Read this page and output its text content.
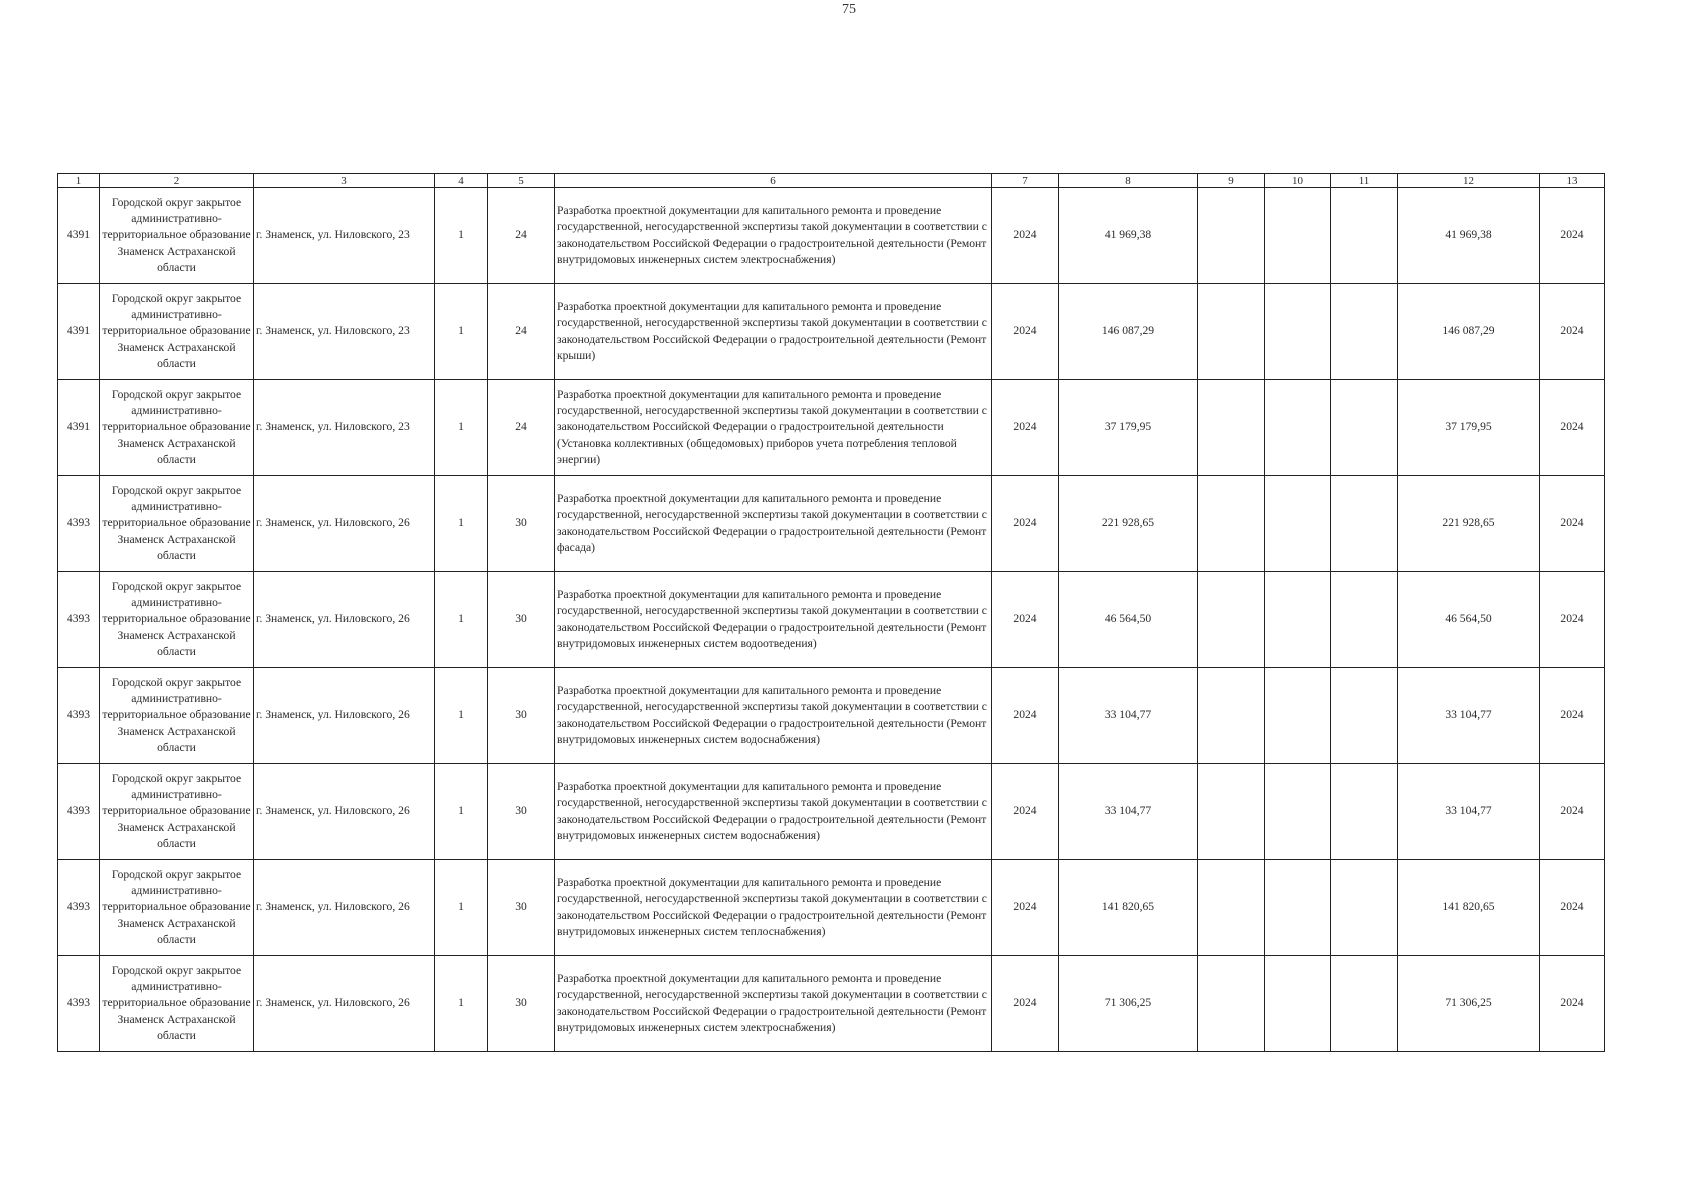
75
1	2	3	4	5	6	7	8	9	10	11	12	13
4391	Городской округ закрытое административно-территориальное образование Знаменск Астраханской области	г. Знаменск, ул. Ниловского, 23	1	24	Разработка проектной документации для капитального ремонта и проведение государственной, негосударственной экспертизы такой документации в соответствии с законодательством Российской Федерации о градостроительной деятельности (Ремонт внутридомовых инженерных систем электроснабжения)	2024	41 969,38				41 969,38	2024
4391	Городской округ закрытое административно-территориальное образование Знаменск Астраханской области	г. Знаменск, ул. Ниловского, 23	1	24	Разработка проектной документации для капитального ремонта и проведение государственной, негосударственной экспертизы такой документации в соответствии с законодательством Российской Федерации о градостроительной деятельности (Ремонт крыши)	2024	146 087,29				146 087,29	2024
4391	Городской округ закрытое административно-территориальное образование Знаменск Астраханской области	г. Знаменск, ул. Ниловского, 23	1	24	Разработка проектной документации для капитального ремонта и проведение государственной, негосударственной экспертизы такой документации в соответствии с законодательством Российской Федерации о градостроительной деятельности (Установка коллективных (общедомовых) приборов учета потребления тепловой энергии)	2024	37 179,95				37 179,95	2024
4393	Городской округ закрытое административно-территориальное образование Знаменск Астраханской области	г. Знаменск, ул. Ниловского, 26	1	30	Разработка проектной документации для капитального ремонта и проведение государственной, негосударственной экспертизы такой документации в соответствии с законодательством Российской Федерации о градостроительной деятельности (Ремонт фасада)	2024	221 928,65				221 928,65	2024
4393	Городской округ закрытое административно-территориальное образование Знаменск Астраханской области	г. Знаменск, ул. Ниловского, 26	1	30	Разработка проектной документации для капитального ремонта и проведение государственной, негосударственной экспертизы такой документации в соответствии с законодательством Российской Федерации о градостроительной деятельности (Ремонт внутридомовых инженерных систем водоотведения)	2024	46 564,50				46 564,50	2024
4393	Городской округ закрытое административно-территориальное образование Знаменск Астраханской области	г. Знаменск, ул. Ниловского, 26	1	30	Разработка проектной документации для капитального ремонта и проведение государственной, негосударственной экспертизы такой документации в соответствии с законодательством Российской Федерации о градостроительной деятельности (Ремонт внутридомовых инженерных систем водоснабжения)	2024	33 104,77				33 104,77	2024
4393	Городской округ закрытое административно-территориальное образование Знаменск Астраханской области	г. Знаменск, ул. Ниловского, 26	1	30	Разработка проектной документации для капитального ремонта и проведение государственной, негосударственной экспертизы такой документации в соответствии с законодательством Российской Федерации о градостроительной деятельности (Ремонт внутридомовых инженерных систем водоснабжения)	2024	33 104,77				33 104,77	2024
4393	Городской округ закрытое административно-территориальное образование Знаменск Астраханской области	г. Знаменск, ул. Ниловского, 26	1	30	Разработка проектной документации для капитального ремонта и проведение государственной, негосударственной экспертизы такой документации в соответствии с законодательством Российской Федерации о градостроительной деятельности (Ремонт внутридомовых инженерных систем теплоснабжения)	2024	141 820,65				141 820,65	2024
4393	Городской округ закрытое административно-территориальное образование Знаменск Астраханской области	г. Знаменск, ул. Ниловского, 26	1	30	Разработка проектной документации для капитального ремонта и проведение государственной, негосударственной экспертизы такой документации в соответствии с законодательством Российской Федерации о градостроительной деятельности (Ремонт внутридомовых инженерных систем электроснабжения)	2024	71 306,25				71 306,25	2024
